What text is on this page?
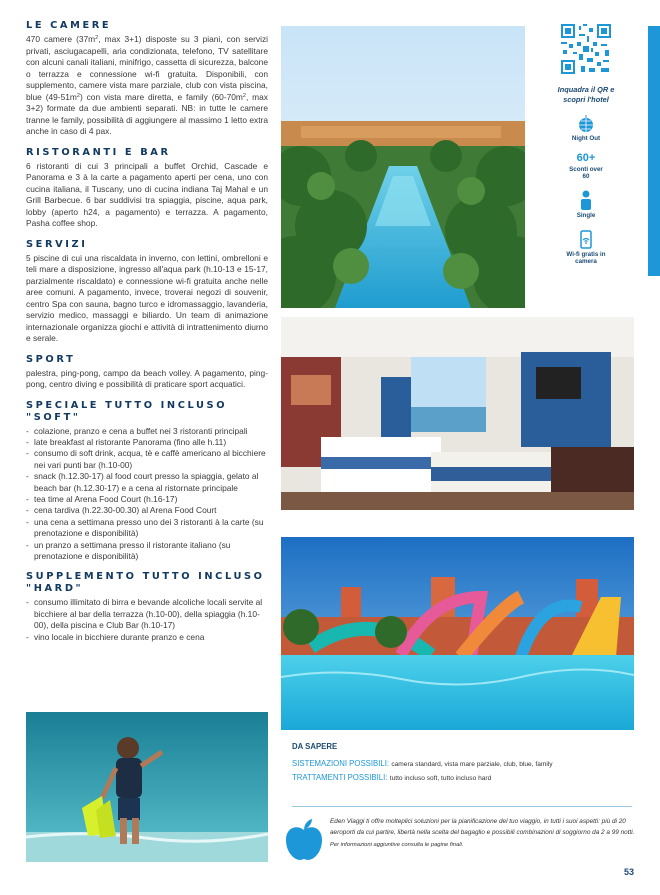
LE CAMERE
470 camere ($37m^2$, max 3+1) disposte su 3 piani, con servizi privati, asciugacapelli, aria condizionata, telefono, TV satellitare con alcuni canali italiani, minifrigo, cassetta di sicurezza, balcone o terrazza e connessione wi-fi gratuita. Disponibili, con supplemento, camere vista mare parziale, club con vista piscina, blue $(49-51m^2)$ con vista mare diretta, e family ($60-70m^2$, max 3+2) formate da due ambienti separati. NB: in tutte le camere tranne le family, possibilità di aggiungere al massimo 1 letto extra anche in caso di 4 pax.
RISTORANTI E BAR
6 ristoranti di cui 3 principali a buffet Orchid, Cascade e Panorama e 3 à la carte a pagamento aperti per cena, uno con cucina italiana, il Tuscany, uno di cucina indiana Taj Mahal e un Grill Barbecue. 6 bar suddivisi tra spiaggia, piscine, aqua park, lobby (aperto h24, a pagamento) e terrazza. A pagamento, Pasha coffee shop.
SERVIZI
5 piscine di cui una riscaldata in inverno, con lettini, ombrelloni e teli mare a disposizione, ingresso all'aqua park (h.10-13 e 15-17, parzialmente riscaldato) e connessione wi-fi gratuita anche nelle aree comuni. A pagamento, invece, troverai negozi di souvenir, centro Spa con sauna, bagno turco e idromassaggio, lavanderia, servizio medico, massaggi e biliardo. Un team di animazione internazionale organizza giochi e attività di intrattenimento diurno e serale.
SPORT
palestra, ping-pong, campo da beach volley. A pagamento, ping-pong, centro diving e possibilità di praticare sport acquatici.
SPECIALE TUTTO INCLUSO "SOFT"
- colazione, pranzo e cena a buffet nei 3 ristoranti principali
- late breakfast al ristorante Panorama (fino alle h.11)
- consumo di soft drink, acqua, tè e caffè americano al bicchiere nei vari punti bar (h.10-00)
- snack (h.12.30-17) al food court presso la spiaggia, gelato al beach bar (h.12.30-17) e a cena al ristornate principale
- tea time al Arena Food Court (h.16-17)
- cena tardiva (h.22.30-00.30) al Arena Food Court
- una cena a settimana presso uno dei 3 ristoranti à la carte (su prenotazione e disponibilità)
- un pranzo a settimana presso il ristorante italiano (su prenotazione e disponibilità)
SUPPLEMENTO TUTTO INCLUSO "HARD"
- consumo illimitato di birra e bevande alcoliche locali servite al bicchiere al bar della terrazza (h.10-00), della spiaggia (h.10-00), della piscina e Club Bar (h.10-17)
- vino locale in bicchiere durante pranzo e cena
Inquadra il QR e scopri l'hotel
Night Out
60+
Sconti over 60
Single
Wi-fi gratis in camera
DA SAPERE
SISTEMAZIONI POSSIBILI: camera standard, vista mare parziale, club, blue, family
TRATTAMENTI POSSIBILI: tutto incluso soft, tutto incluso hard
Eden Viaggi ti offre molteplici soluzioni per la pianificazione del tuo viaggio, in tutti i suoi aspetti: più di 20 aeroporti da cui partire, libertà nella scelta del bagaglio e possibili combinazioni di soggiorno da 2 a 99 notti.
Per informazioni aggiuntive consulta le pagine finali.
53
